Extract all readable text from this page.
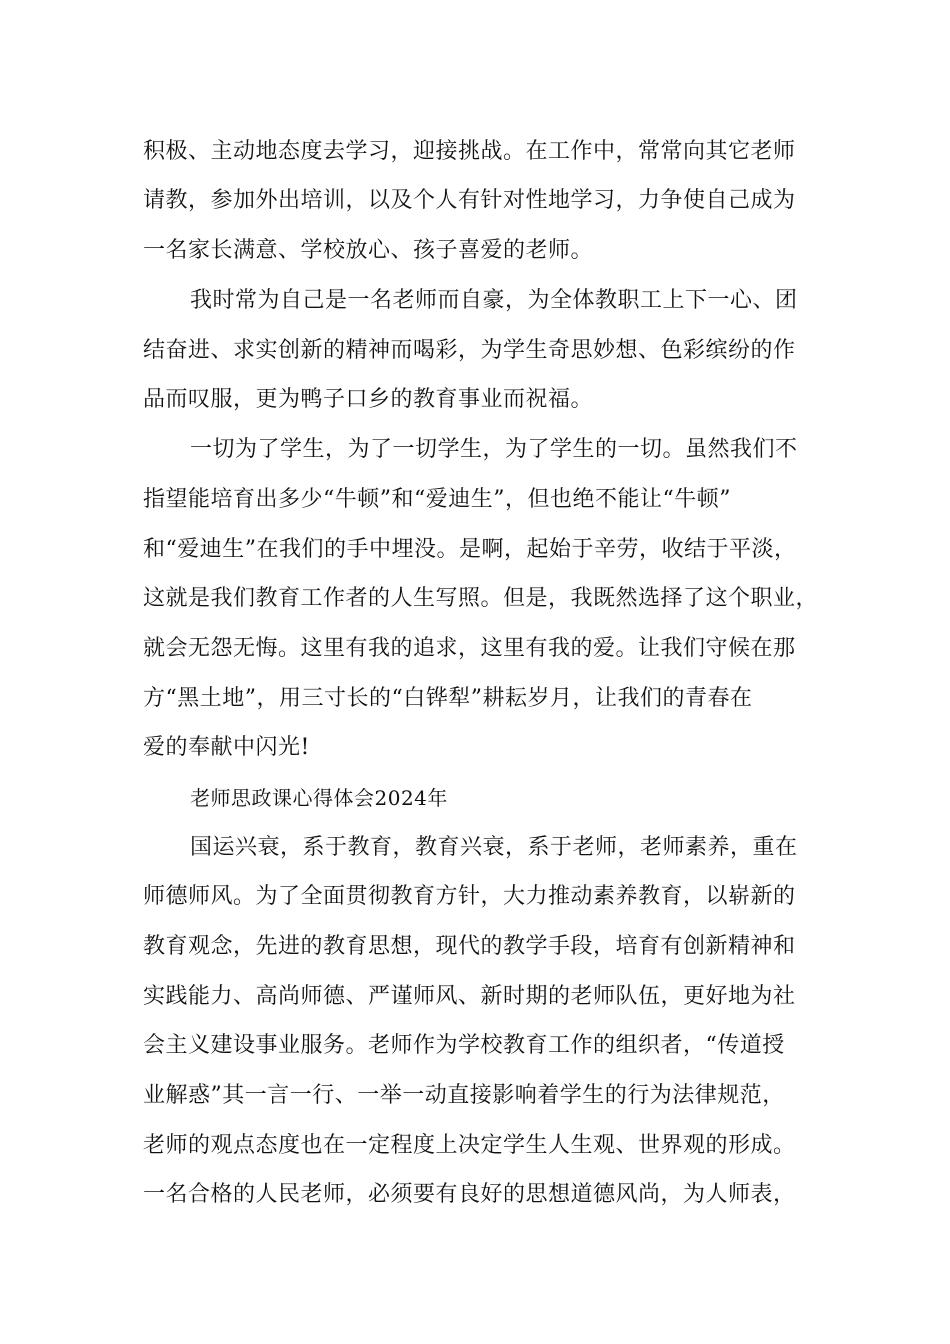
积极、主动地态度去学习，迎接挑战。在工作中，常常向其它老师
请教，参加外出培训，以及个人有针对性地学习，力争使自己成为
一名家长满意、学校放心、孩子喜爱的老师。
我时常为自己是一名老师而自豪，为全体教职工上下一心、团
结奋进、求实创新的精神而喝彩，为学生奇思妙想、色彩缤纷的作
品而叹服，更为鸭子口乡的教育事业而祝福。
一切为了学生，为了一切学生，为了学生的一切。虽然我们不
指望能培育出多少“牛顿”和“爱迪生”，但也绝不能让“牛顿”
和“爱迪生”在我们的手中埋没。是啊，起始于辛劳，收结于平淡，
这就是我们教育工作者的人生写照。但是，我既然选择了这个职业，
就会无怨无悔。这里有我的追求，这里有我的爱。让我们守候在那
方“黑土地”，用三寸长的“白铧犁”耕耘岁月，让我们的青春在
爱的奉献中闪光!
老师思政课心得体会2024年
国运兴衰，系于教育，教育兴衰，系于老师，老师素养，重在
师德师风。为了全面贯彻教育方针，大力推动素养教育，以崭新的
教育观念，先进的教育思想，现代的教学手段，培育有创新精神和
实践能力、高尚师德、严谨师风、新时期的老师队伍，更好地为社
会主义建设事业服务。老师作为学校教育工作的组织者，“传道授
业解惑”其一言一行、一举一动直接影响着学生的行为法律规范，
老师的观点态度也在一定程度上决定学生人生观、世界观的形成。
一名合格的人民老师，必须要有良好的思想道德风尚，为人师表，
